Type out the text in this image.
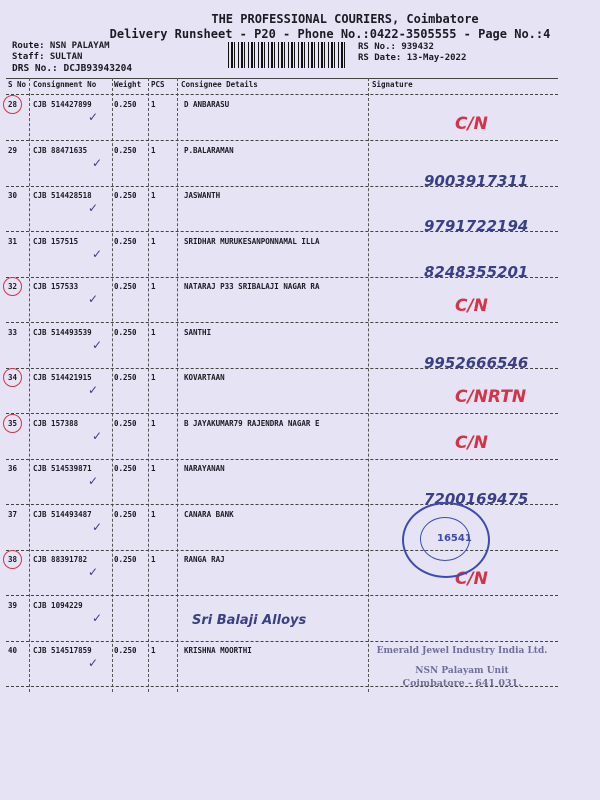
THE PROFESSIONAL COURIERS, Coimbatore
Delivery Runsheet - P20 - Phone No.:0422-3505555 - Page No.:4
Route: NSN PALAYAM
Staff: SULTAN
DRS No.: DCJB93943204
RS No.: 939432
RS Date: 13-May-2022
S No Consignment No Weight PCS Consignee Details	Signature
28 CJB 514427899	0.250 1	D ANBARASU
✓	C/N
29 CJB 88471635	0.250 1	P.BALARAMAN
✓
9003917311
30 CJB 514428518	0.250 1	JASWANTH
✓
9791722194
31 CJB 157515	0.250 1	SRIDHAR MURUKESANPONNAMAL ILLA
✓
8248355201
32 CJB 157533	0.250 1	NATARAJ P33 SRIBALAJI NAGAR RA
✓	C/N
33 CJB 514493539	0.250 1	SANTHI
✓
9952666546
34 CJB 514421915	0.250 1	KOVARTAAN
✓	C/NRTN
35 CJB 157388	0.250 1	B JAYAKUMAR79 RAJENDRA NAGAR E
✓	C/N
36 CJB 514539871	0.250 1	NARAYANAN
✓
7200169475
37 CJB 514493487	0.250 1	CANARA BANK
✓
38 CJB 88391782	0.250 1	RANGA RAJ
✓	C/N
39 CJB 1094229
✓	Sri Balaji Alloys
40 CJB 514517859	0.250 1	KRISHNA MOORTHI
✓
16541
Emerald Jewel Industry India Ltd.
NSN Palayam Unit
Coimbatore - 641 031.
